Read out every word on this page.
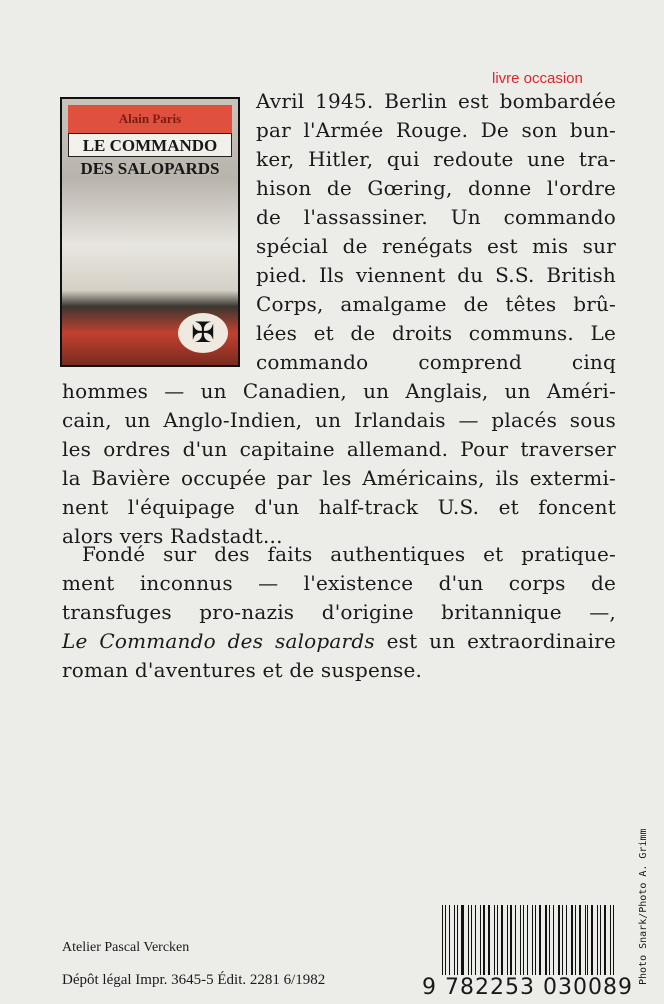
livre occasion
Alain Paris
LE COMMANDO
DES SALOPARDS
✠
Avril 1945. Berlin est bombardée
par l'Armée Rouge. De son bun-
ker, Hitler, qui redoute une tra-
hison de Gœring, donne l'ordre
de l'assassiner. Un commando
spécial de renégats est mis sur
pied. Ils viennent du S.S. British
Corps, amalgame de têtes brû-
lées et de droits communs. Le
commando comprend cinq
hommes — un Canadien, un Anglais, un Améri-
cain, un Anglo-Indien, un Irlandais — placés sous
les ordres d'un capitaine allemand. Pour traverser
la Bavière occupée par les Américains, ils extermi-
nent l'équipage d'un half-track U.S. et foncent
alors vers Radstadt...
Fondé sur des faits authentiques et pratique-
ment inconnus — l'existence d'un corps de
transfuges pro-nazis d'origine britannique —,
Le Commando des salopards est un extraordinaire
roman d'aventures et de suspense.
Atelier Pascal Vercken
Dépôt légal Impr. 3645-5 Édit. 2281 6/1982	9 782253 030089
Photo Snark/Photo A. Grimm
